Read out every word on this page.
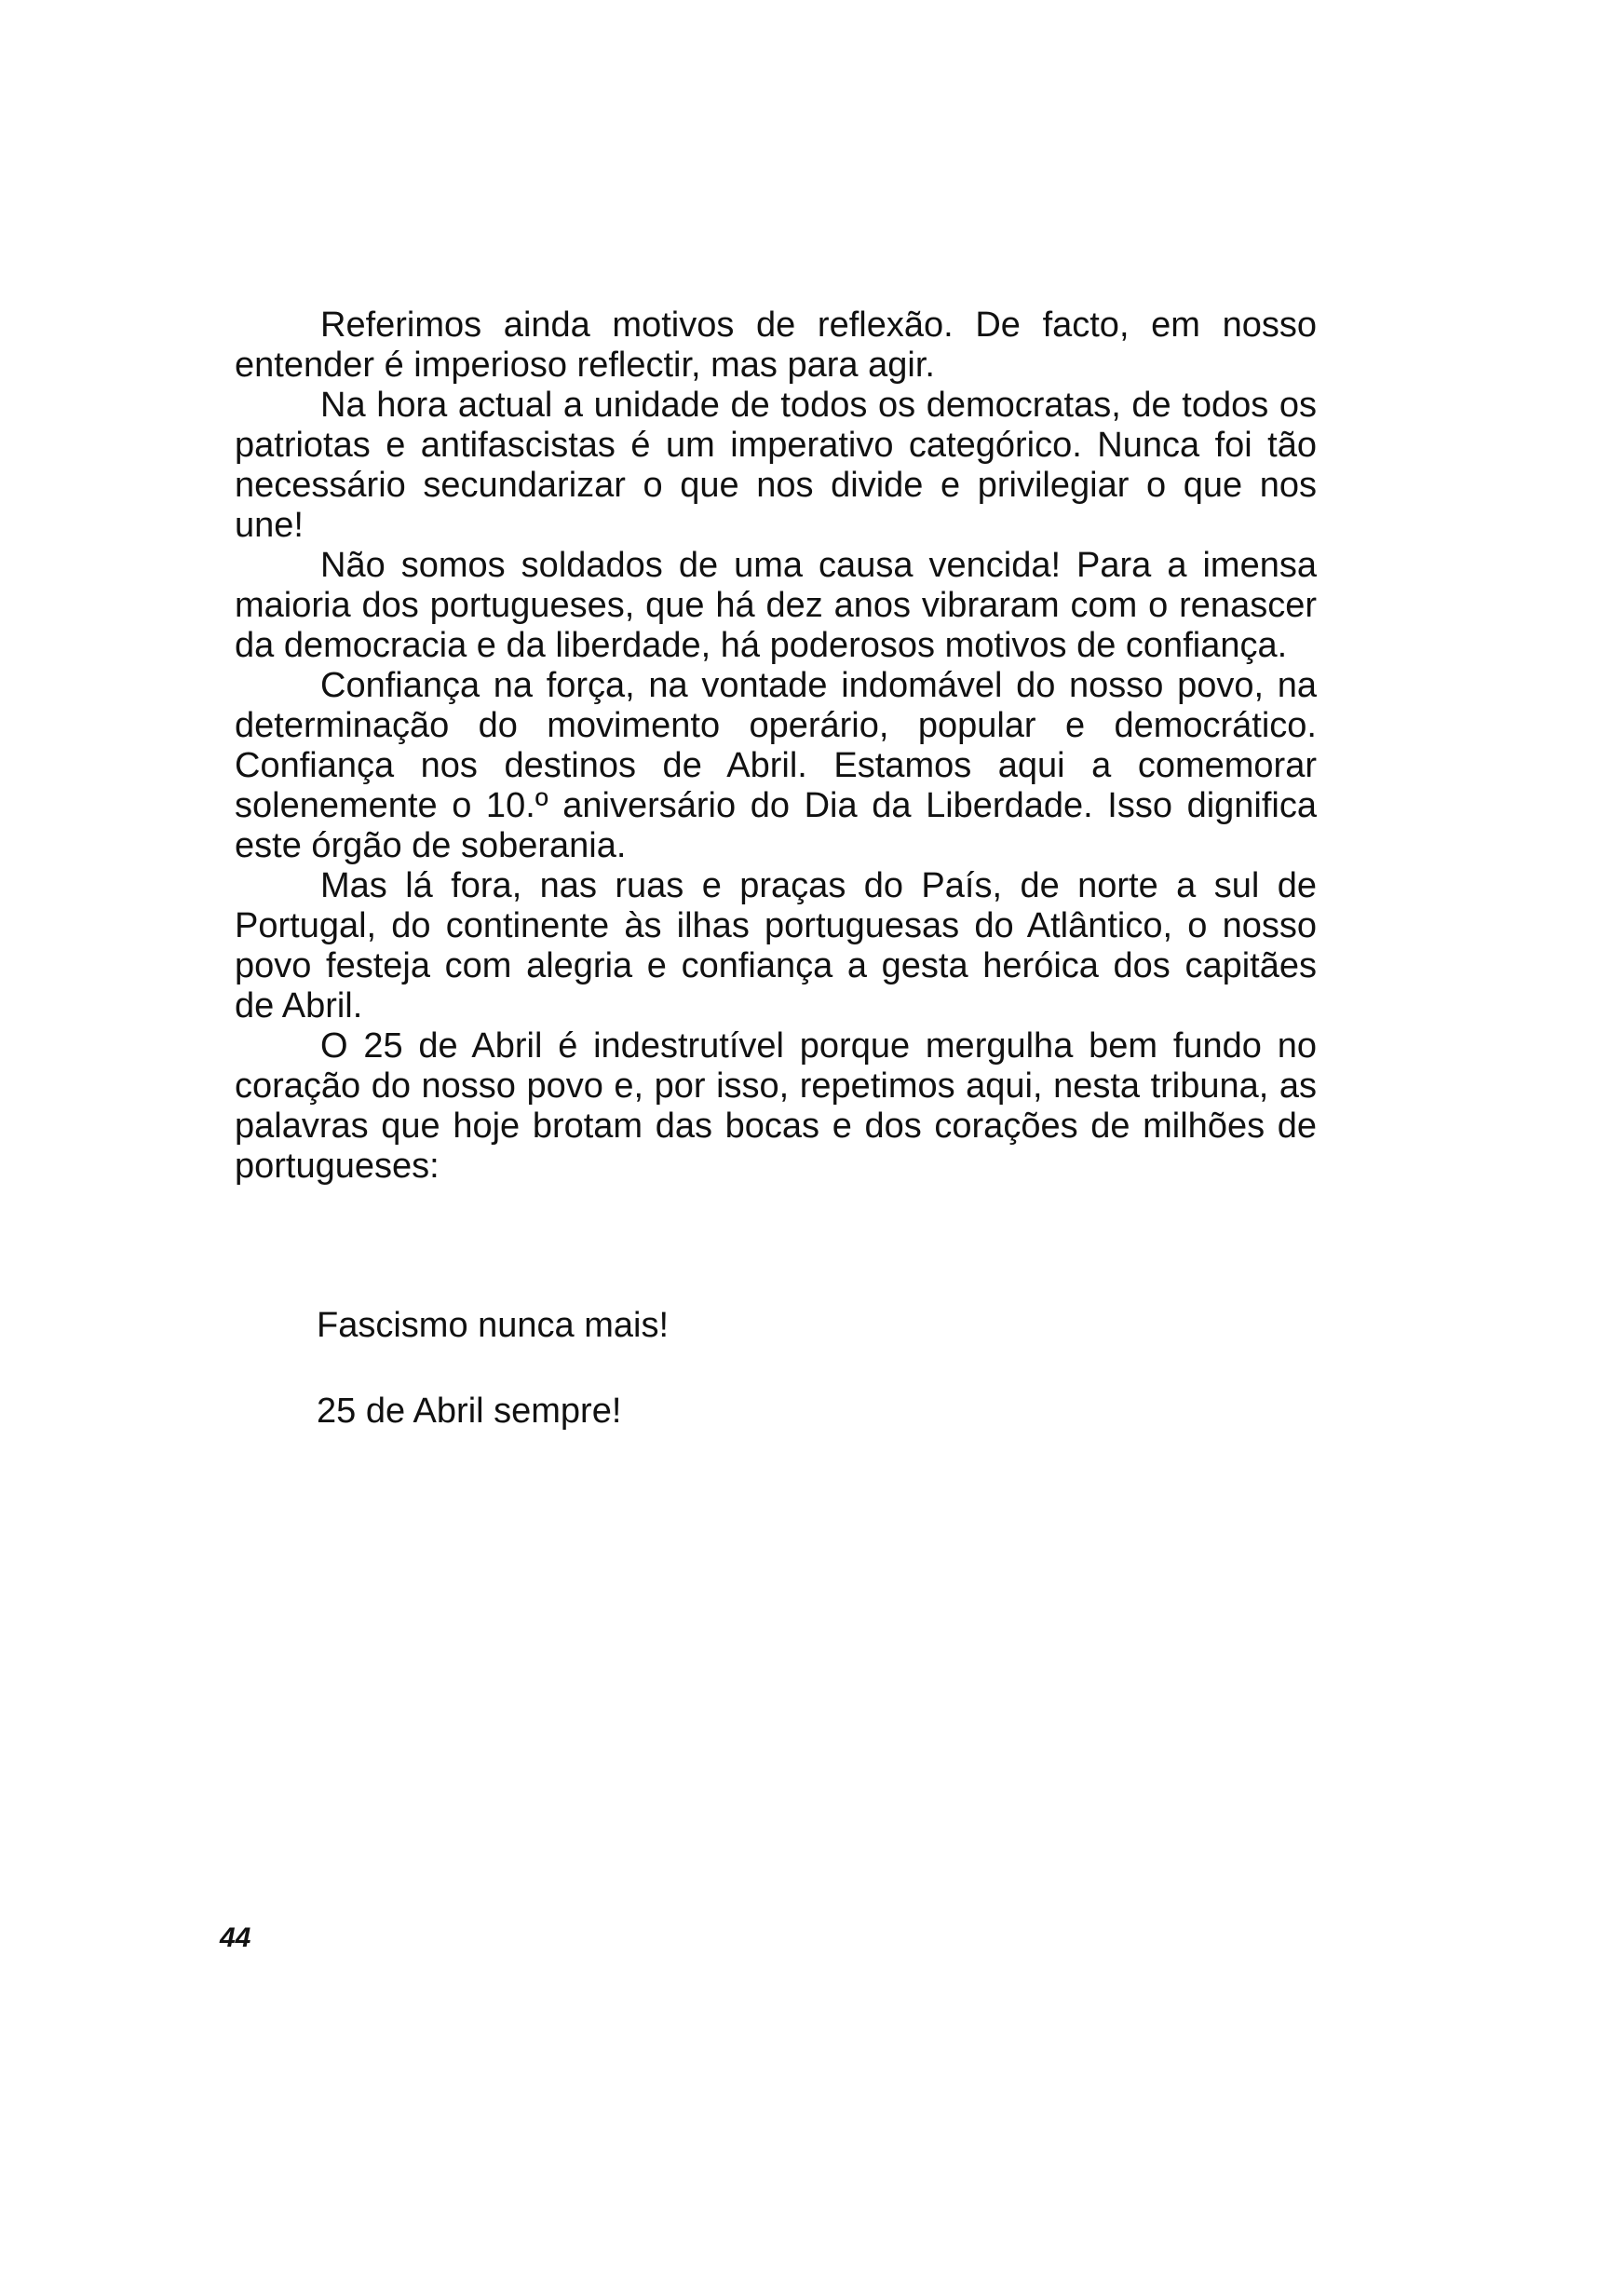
Referimos ainda motivos de reflexão. De facto, em nosso entender é imperioso reflectir, mas para agir.

Na hora actual a unidade de todos os democratas, de todos os patriotas e antifascistas é um imperativo categórico. Nunca foi tão necessário secundarizar o que nos divide e privilegiar o que nos une!

Não somos soldados de uma causa vencida! Para a imensa maioria dos portugueses, que há dez anos vibraram com o renascer da democracia e da liberdade, há poderosos motivos de confiança.

Confiança na força, na vontade indomável do nosso povo, na determinação do movimento operário, popular e democrático. Confiança nos destinos de Abril. Estamos aqui a comemorar solenemente o 10.º aniversário do Dia da Liberdade. Isso dignifica este órgão de soberania.

Mas lá fora, nas ruas e praças do País, de norte a sul de Portugal, do continente às ilhas portuguesas do Atlântico, o nosso povo festeja com alegria e confiança a gesta heróica dos capitães de Abril.

O 25 de Abril é indestrutível porque mergulha bem fundo no coração do nosso povo e, por isso, repetimos aqui, nesta tribuna, as palavras que hoje brotam das bocas e dos corações de milhões de portugueses:

Fascismo nunca mais!

25 de Abril sempre!

44
